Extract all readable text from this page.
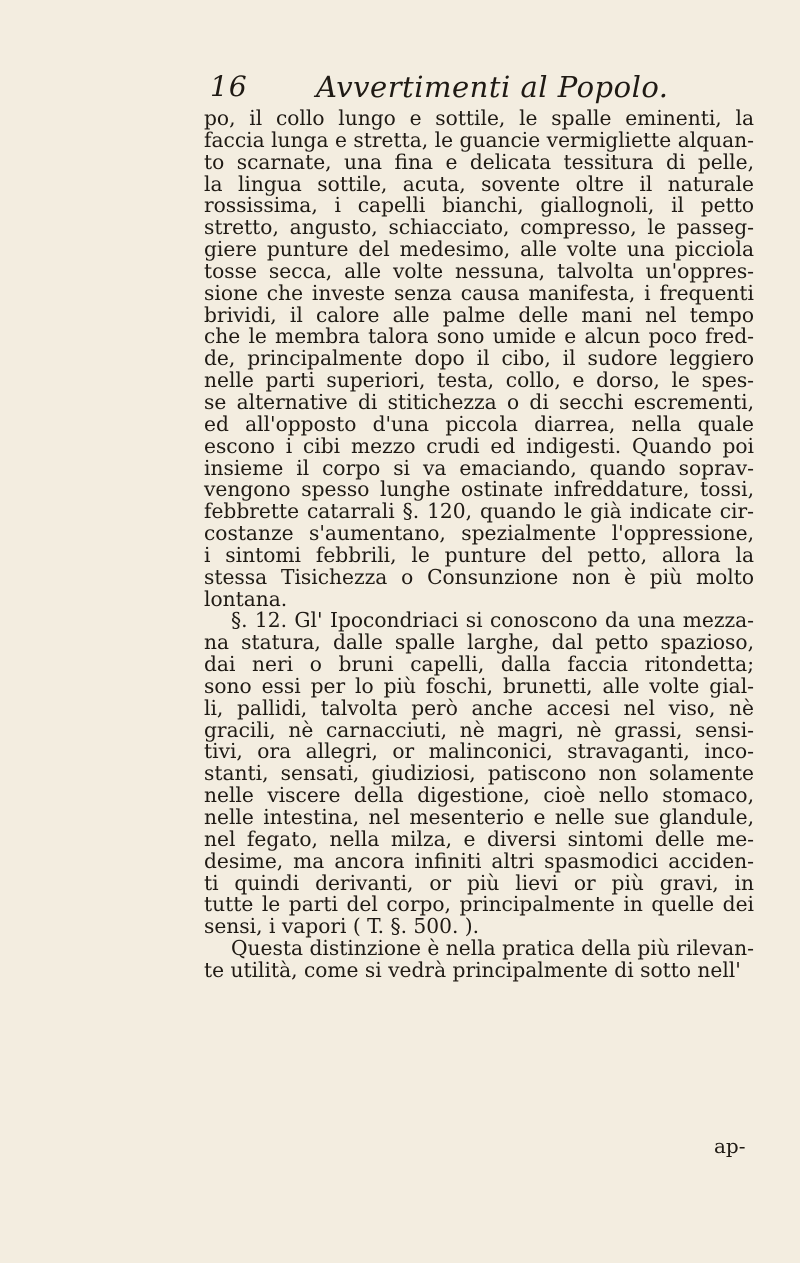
16 Avvertimenti al Popolo.
po, il collo lungo e sottile, le spalle eminenti, la
faccia lunga e stretta, le guancie vermigliette alquan-
to scarnate, una fina e delicata tessitura di pelle,
la lingua sottile, acuta, sovente oltre il naturale
rossissima, i capelli bianchi, giallognoli, il petto
stretto, angusto, schiacciato, compresso, le passeg-
giere punture del medesimo, alle volte una picciola
tosse secca, alle volte nessuna, talvolta un'oppres-
sione che investe senza causa manifesta, i frequenti
brividi, il calore alle palme delle mani nel tempo
che le membra talora sono umide e alcun poco fred-
de, principalmente dopo il cibo, il sudore leggiero
nelle parti superiori, testa, collo, e dorso, le spes-
se alternative di stitichezza o di secchi escrementi,
ed all'opposto d'una piccola diarrea, nella quale
escono i cibi mezzo crudi ed indigesti. Quando poi
insieme il corpo si va emaciando, quando soprav-
vengono spesso lunghe ostinate infreddature, tossi,
febbrette catarrali §. 120, quando le già indicate cir-
costanze s'aumentano, spezialmente l'oppressione,
i sintomi febbrili, le punture del petto, allora la
stessa Tisichezza o Consunzione non è più molto
lontana.
§. 12. Gl' Ipocondriaci si conoscono da una mezza-
na statura, dalle spalle larghe, dal petto spazioso,
dai neri o bruni capelli, dalla faccia ritondetta;
sono essi per lo più foschi, brunetti, alle volte gial-
li, pallidi, talvolta però anche accesi nel viso, nè
gracili, nè carnacciuti, nè magri, nè grassi, sensi-
tivi, ora allegri, or malinconici, stravaganti, inco-
stanti, sensati, giudiziosi, patiscono non solamente
nelle viscere della digestione, cioè nello stomaco,
nelle intestina, nel mesenterio e nelle sue glandule,
nel fegato, nella milza, e diversi sintomi delle me-
desime, ma ancora infiniti altri spasmodici acciden-
ti quindi derivanti, or più lievi or più gravi, in
tutte le parti del corpo, principalmente in quelle dei
sensi, i vapori ( T. §. 500. ).
Questa distinzione è nella pratica della più rilevan-
te utilità, come si vedrà principalmente di sotto nell'
ap-
